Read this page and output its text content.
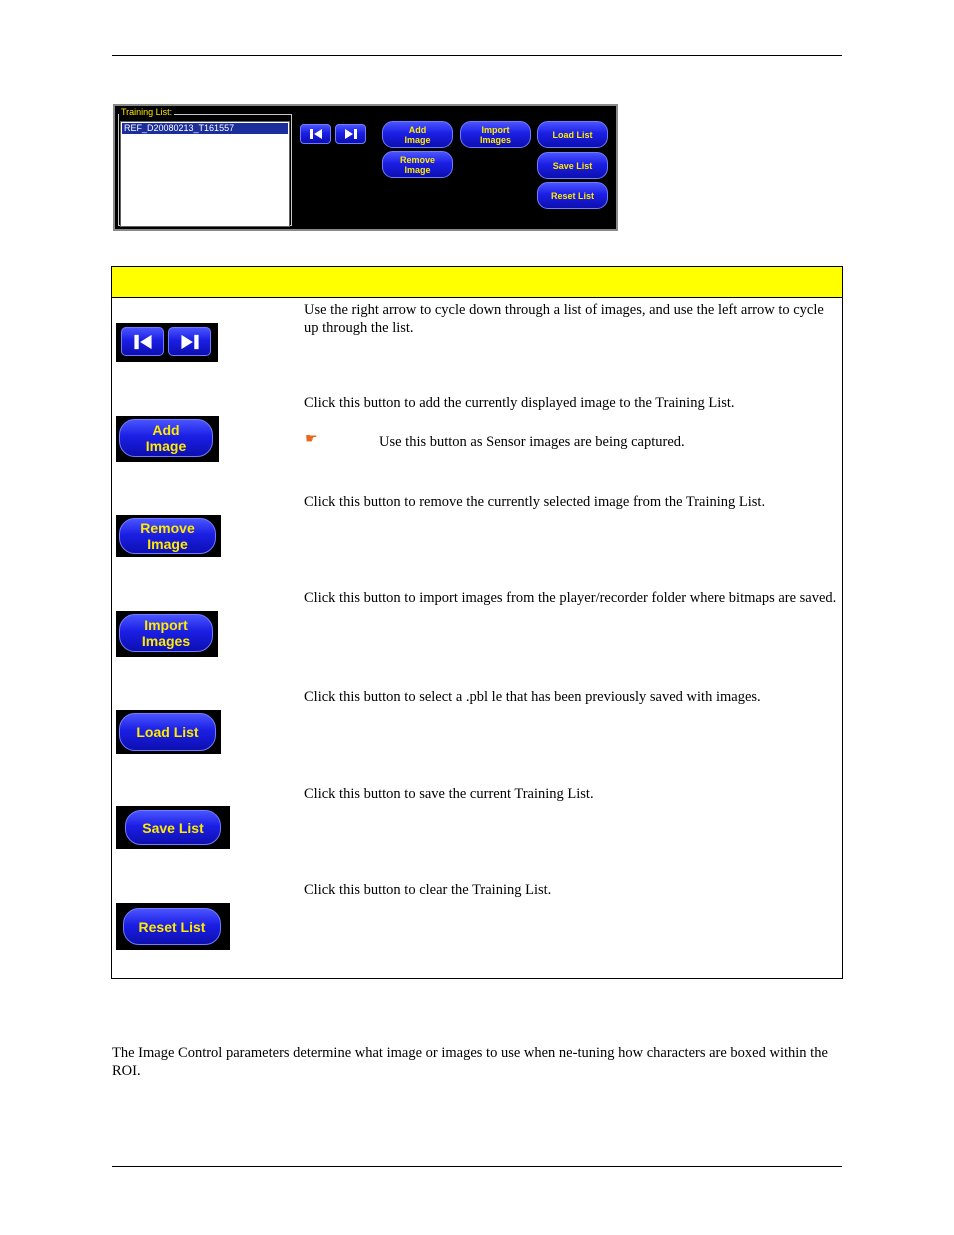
Training List:
REF_D20080213_T161557	Add
Image
Remove
Image
Import
Images	Load List
Save List
Reset List
Use the right arrow to cycle down through a list of images, and use the left arrow to cycle up through the list.
Add
Image
Click this button to add the currently displayed image to the Training List.
☛	Use this button as Sensor images are being captured.
Remove
Image
Click this button to remove the currently selected image from the Training List.
Import
Images
Click this button to import images from the player/recorder folder where bitmaps are saved.
Load List
Click this button to select a .pbl le that has been previously saved with images.
Save List
Click this button to save the current Training List.
Reset List
Click this button to clear the Training List.
The Image Control parameters determine what image or images to use when ne-tuning how characters are boxed within the ROI.
